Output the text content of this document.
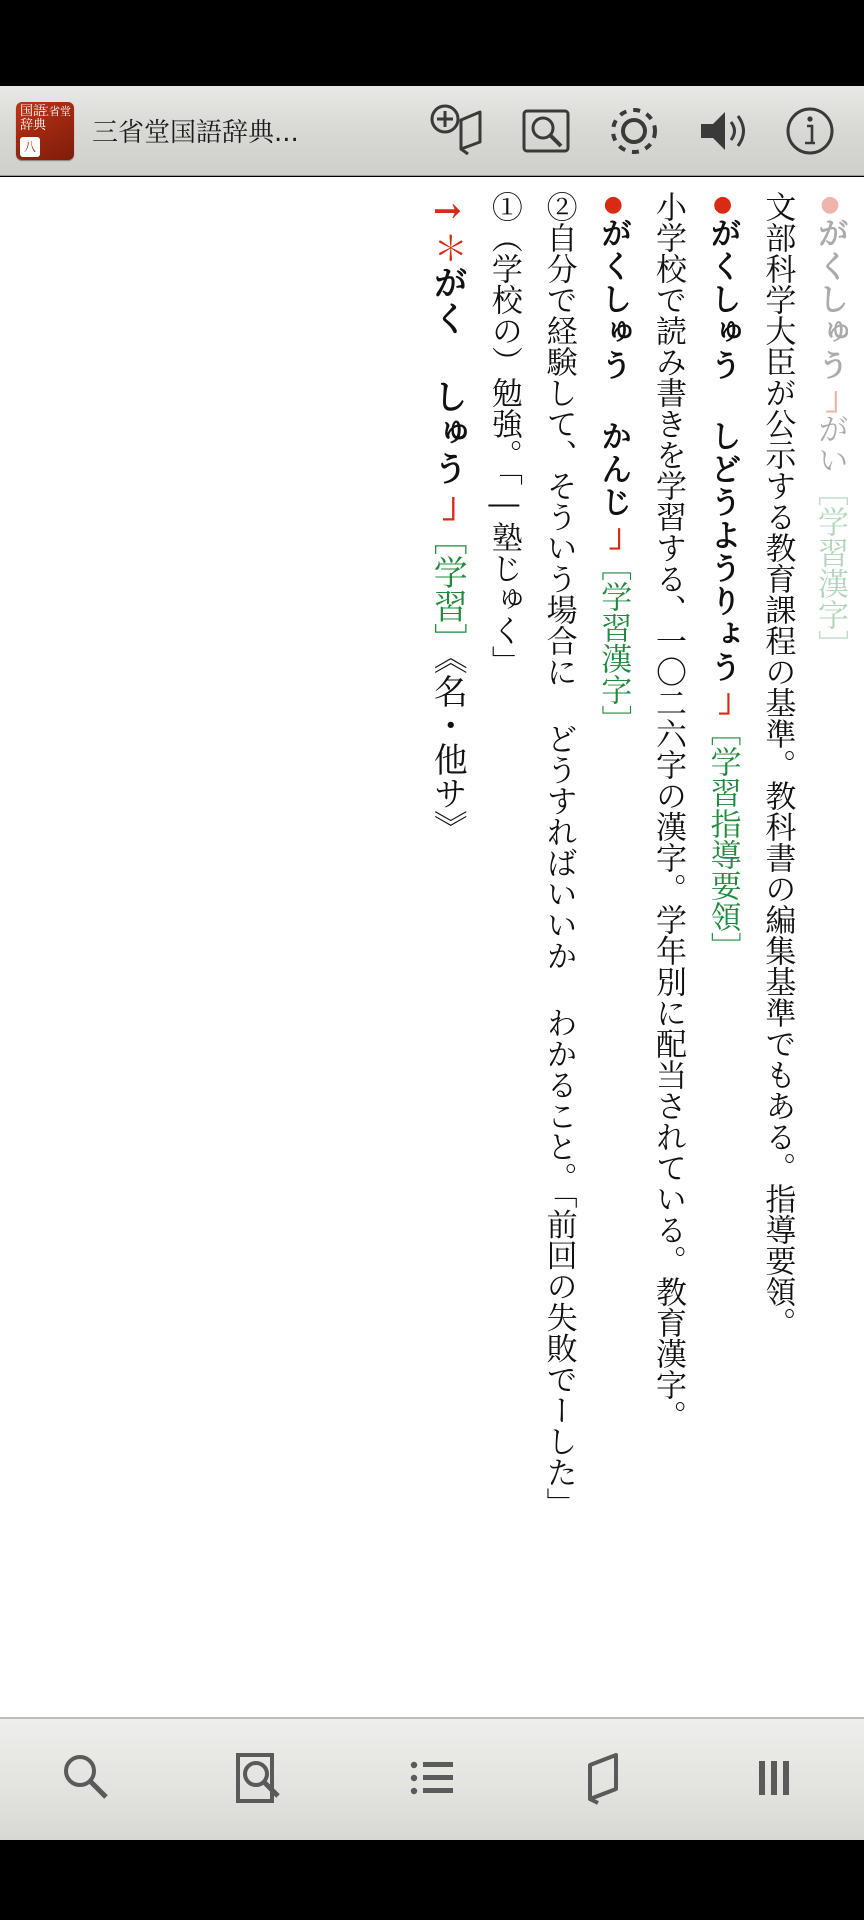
国語
辞典
三省堂
八 三省堂国語辞典...
→＊がく しゅう｣［学習］《名・他サ》
①（学校の）勉強。「―塾じゅく」 ②自分で経験して、そういう場合に どうすればいいか わかること。「前回の失敗でーした」	●がくしゅう かんじ｣［学習漢字］ 小学校で読み書きを学習する、一〇二六字の漢字。学年別に配当されている。教育漢字。	●がくしゅう しどうようりょう｣［学習指導要領］ 文部科学大臣が公示する教育課程の基準。教科書の編集基準でもある。指導要領。 ●がくしゅう｣がい［学習漢字］
